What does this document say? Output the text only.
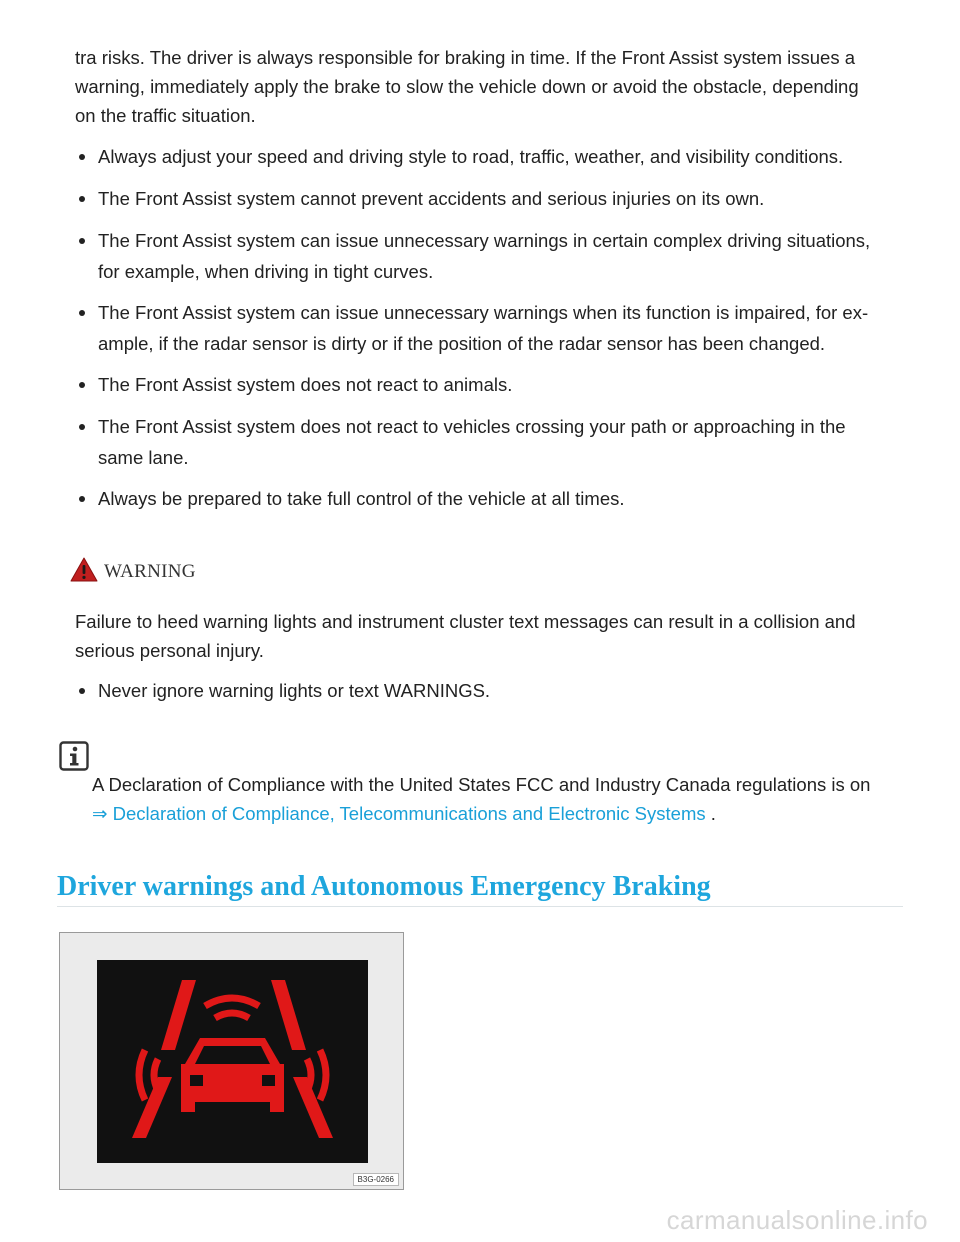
tra risks. The driver is always responsible for braking in time. If the Front Assist system issues a
warning, immediately apply the brake to slow the vehicle down or avoid the obstacle, depending
on the traffic situation.

Always adjust your speed and driving style to road, traffic, weather, and visibility conditions.

The Front Assist system cannot prevent accidents and serious injuries on its own.

The Front Assist system can issue unnecessary warnings in certain complex driving situations,
for example, when driving in tight curves.

The Front Assist system can issue unnecessary warnings when its function is impaired, for ex-
ample, if the radar sensor is dirty or if the position of the radar sensor has been changed.

The Front Assist system does not react to animals.

The Front Assist system does not react to vehicles crossing your path or approaching in the
same lane.

Always be prepared to take full control of the vehicle at all times.

WARNING

Failure to heed warning lights and instrument cluster text messages can result in a collision and
serious personal injury.

Never ignore warning lights or text WARNINGS.

A Declaration of Compliance with the United States FCC and Industry Canada regulations is on
⇒ Declaration of Compliance, Telecommunications and Electronic Systems .

Driver warnings and Autonomous Emergency Braking
B3G-0266
carmanualsonline.info
